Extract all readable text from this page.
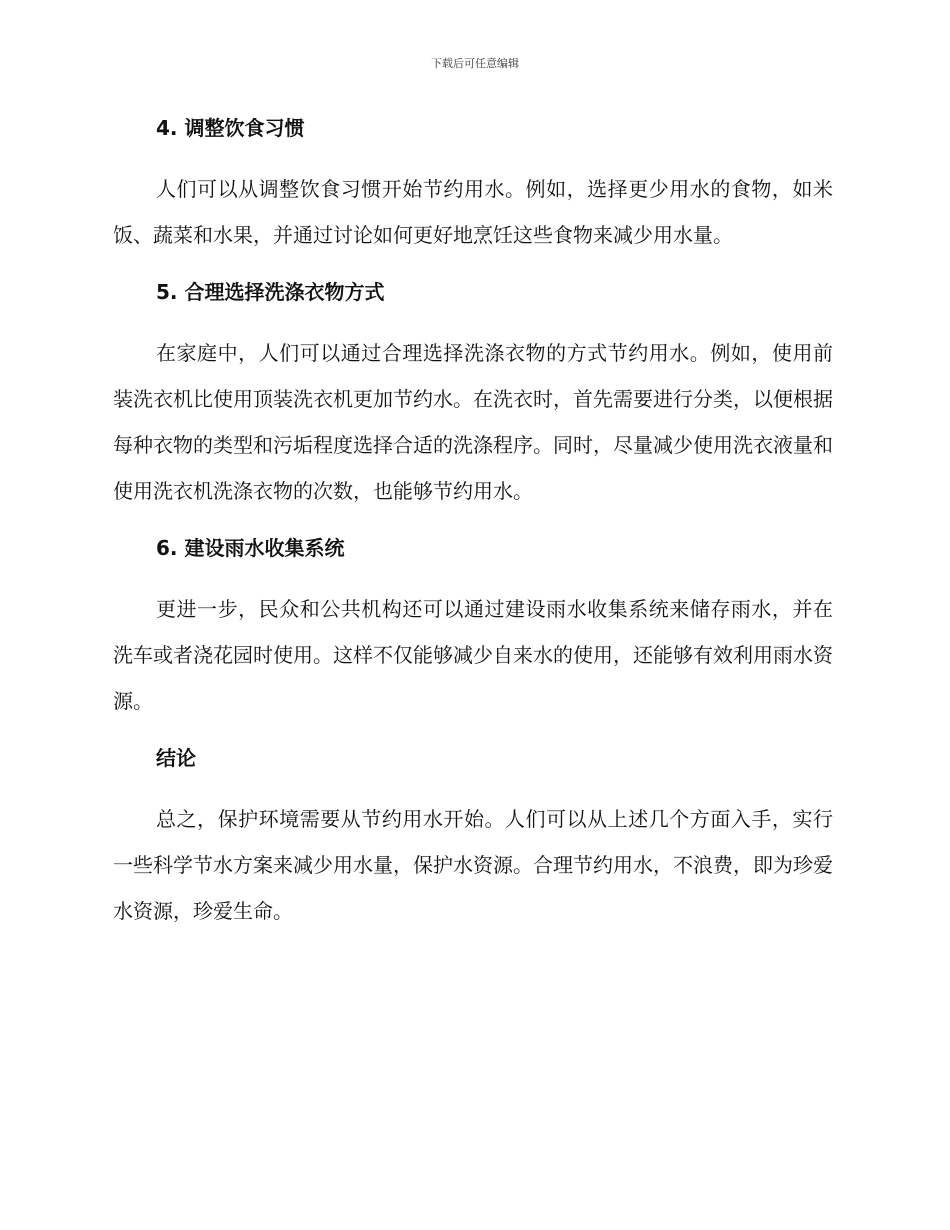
下载后可任意编辑
4. 调整饮食习惯

人们可以从调整饮食习惯开始节约用水。例如，选择更少用水的食物，如米饭、蔬菜和水果，并通过讨论如何更好地烹饪这些食物来减少用水量。

5. 合理选择洗涤衣物方式

在家庭中，人们可以通过合理选择洗涤衣物的方式节约用水。例如，使用前装洗衣机比使用顶装洗衣机更加节约水。在洗衣时，首先需要进行分类，以便根据每种衣物的类型和污垢程度选择合适的洗涤程序。同时，尽量减少使用洗衣液量和使用洗衣机洗涤衣物的次数，也能够节约用水。

6. 建设雨水收集系统

更进一步，民众和公共机构还可以通过建设雨水收集系统来储存雨水，并在洗车或者浇花园时使用。这样不仅能够减少自来水的使用，还能够有效利用雨水资源。

结论

总之，保护环境需要从节约用水开始。人们可以从上述几个方面入手，实行一些科学节水方案来减少用水量，保护水资源。合理节约用水，不浪费，即为珍爱水资源，珍爱生命。
